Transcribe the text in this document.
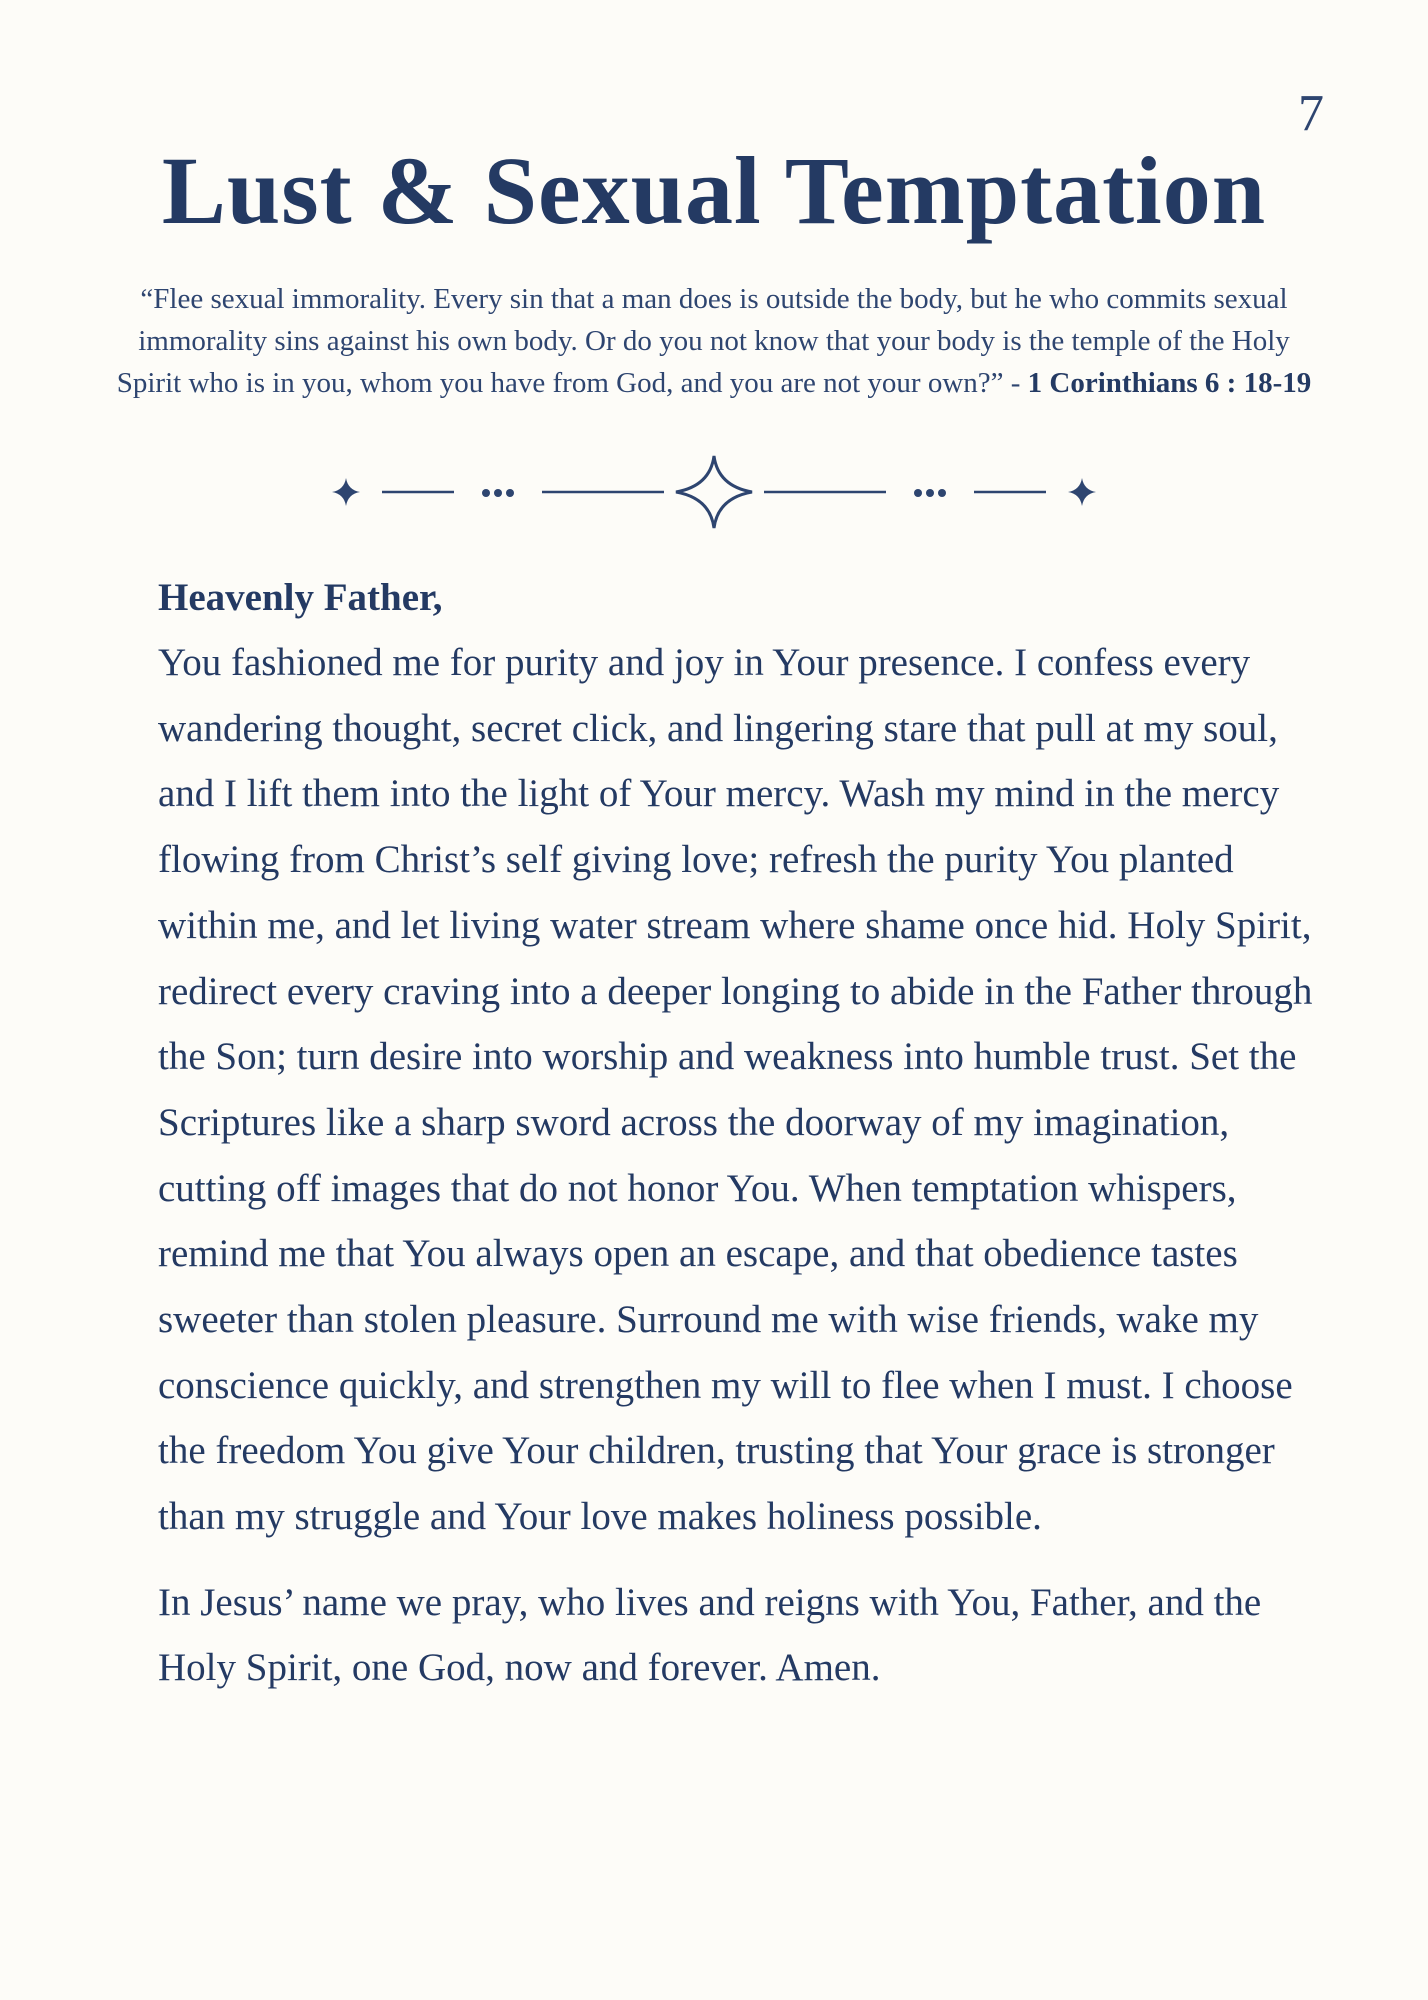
7
Lust & Sexual Temptation

“Flee sexual immorality. Every sin that a man does is outside the body, but he who commits sexual immorality sins against his own body. Or do you not know that your body is the temple of the Holy Spirit who is in you, whom you have from God, and you are not your own?” - 1 Corinthians 6 : 18-19

Heavenly Father,

You fashioned me for purity and joy in Your presence. I confess every wandering thought, secret click, and lingering stare that pull at my soul, and I lift them into the light of Your mercy. Wash my mind in the mercy flowing from Christ’s self giving love; refresh the purity You planted within me, and let living water stream where shame once hid. Holy Spirit, redirect every craving into a deeper longing to abide in the Father through the Son; turn desire into worship and weakness into humble trust. Set the Scriptures like a sharp sword across the doorway of my imagination, cutting off images that do not honor You. When temptation whispers, remind me that You always open an escape, and that obedience tastes sweeter than stolen pleasure. Surround me with wise friends, wake my conscience quickly, and strengthen my will to flee when I must. I choose the freedom You give Your children, trusting that Your grace is stronger than my struggle and Your love makes holiness possible.

In Jesus’ name we pray, who lives and reigns with You, Father, and the Holy Spirit, one God, now and forever. Amen.
